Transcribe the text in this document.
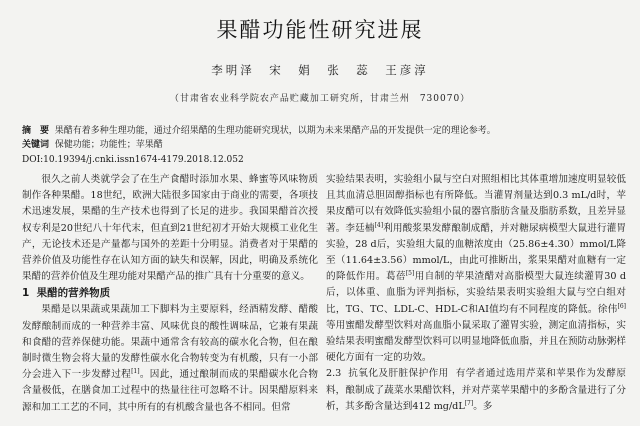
果醋功能性研究进展
李明泽　宋　娟　张　蕊　王彦淳
（甘肃省农业科学院农产品贮藏加工研究所，甘肃兰州　730070）
摘　要 果醋有着多种生理功能，通过介绍果醋的生理功能研究现状，以期为未来果醋产品的开发提供一定的理论参考。
关键词 保健功能；功能性；苹果醋
DOI:10.19394/j.cnki.issn1674-4179.2018.12.052

很久之前人类就学会了在生产食醋时添加水果、蜂蜜等风味物质制作各种果醋。18世纪，欧洲大陆很多国家由于商业的需要，各项技术迅速发展，果醋的生产技术也得到了长足的进步。我国果醋首次授权专利是20世纪八十年代末，但直到21世纪初才开始大规模工业化生产，无论技术还是产量都与国外的差距十分明显。消费者对于果醋的营养价值及功能性存在认知方面的缺失和误解，因此，明确及系统化果醋的营养价值及生理功能对果醋产品的推广具有十分重要的意义。

1 果醋的营养物质

果醋是以果蔬或果蔬加工下脚料为主要原料，经酒精发酵、醋酸发酵酿制而成的一种营养丰富、风味优良的酸性调味品，它兼有果蔬和食醋的营养保健功能。果蔬中通常含有较高的碳水化合物，但在酿制时微生物会将大量的发酵性碳水化合物转变为有机酸，只有一小部分会进入下一步发酵过程[1]。因此，通过酿制而成的果醋碳水化合物含量极低，在膳食加工过程中的热量往往可忽略不计。因果醋原料来源和加工工艺的不同，其中所有的有机酸含量也各不相同。但常

实验结果表明，实验组小鼠与空白对照组相比其体重增加速度明显较低且其血清总胆固醇指标也有所降低。当灌胃剂量达到0.3 mL/d时，苹果皮醋可以有效降低实验组小鼠的器官脂肪含量及脂肪系数，且差异显著。李廷楠[4]利用酸浆果发酵酿制成醋，并对糖尿病模型大鼠进行灌胃实验，28 d后，实验组大鼠的血糖浓度由（25.86±4.30）mmol/L降至（11.64±3.56）mmol/L，由此可推断出，浆果果醋对血糖有一定的降低作用。葛蓓[5]用自制的苹果渣醋对高脂模型大鼠连续灌胃30 d后，以体重、血脂为评判指标，实验结果表明实验组大鼠与空白组对比，TG、TC、LDL-C、HDL-C和AI值均有不同程度的降低。徐伟[6]等用蜜醋发酵型饮料对高血脂小鼠采取了灌胃实验，测定血清指标，实验结果表明蜜醋发酵型饮料可以明显地降低血脂，并且在预防动脉粥样硬化方面有一定的功效。

2.3 抗氧化及肝脏保护作用 有学者通过选用芹菜和苹果作为发酵原料，酿制成了蔬菜水果醋饮料，并对芹菜苹果醋中的多酚含量进行了分析，其多酚含量达到412 mg/dL[7]。多
